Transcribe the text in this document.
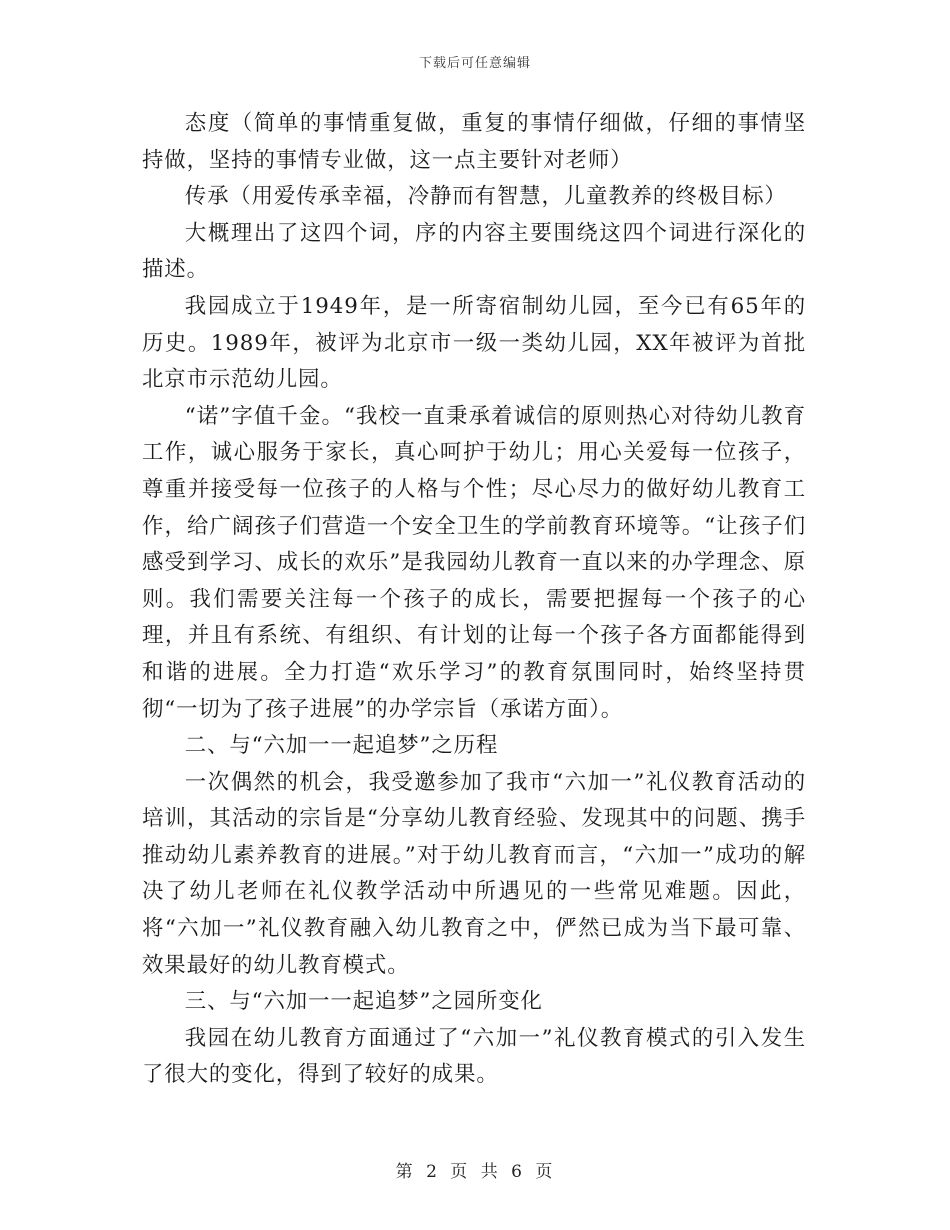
下载后可任意编辑

态度（简单的事情重复做，重复的事情仔细做，仔细的事情坚持做，坚持的事情专业做，这一点主要针对老师）

传承（用爱传承幸福，冷静而有智慧，儿童教养的终极目标）

大概理出了这四个词，序的内容主要围绕这四个词进行深化的描述。

我园成立于1949年，是一所寄宿制幼儿园，至今已有65年的历史。1989年，被评为北京市一级一类幼儿园，XX年被评为首批北京市示范幼儿园。

“诺”字值千金。“我校一直秉承着诚信的原则热心对待幼儿教育工作，诚心服务于家长，真心呵护于幼儿；用心关爱每一位孩子，尊重并接受每一位孩子的人格与个性；尽心尽力的做好幼儿教育工作，给广阔孩子们营造一个安全卫生的学前教育环境等。“让孩子们感受到学习、成长的欢乐”是我园幼儿教育一直以来的办学理念、原则。我们需要关注每一个孩子的成长，需要把握每一个孩子的心理，并且有系统、有组织、有计划的让每一个孩子各方面都能得到和谐的进展。全力打造“欢乐学习”的教育氛围同时，始终坚持贯彻“一切为了孩子进展”的办学宗旨（承诺方面）。

二、与“六加一一起追梦”之历程

一次偶然的机会，我受邀参加了我市“六加一”礼仪教育活动的培训，其活动的宗旨是“分享幼儿教育经验、发现其中的问题、携手推动幼儿素养教育的进展。”对于幼儿教育而言，“六加一”成功的解决了幼儿老师在礼仪教学活动中所遇见的一些常见难题。因此，将“六加一”礼仪教育融入幼儿教育之中，俨然已成为当下最可靠、效果最好的幼儿教育模式。

三、与“六加一一起追梦”之园所变化

我园在幼儿教育方面通过了“六加一”礼仪教育模式的引入发生了很大的变化，得到了较好的成果。

第 2 页 共 6 页
